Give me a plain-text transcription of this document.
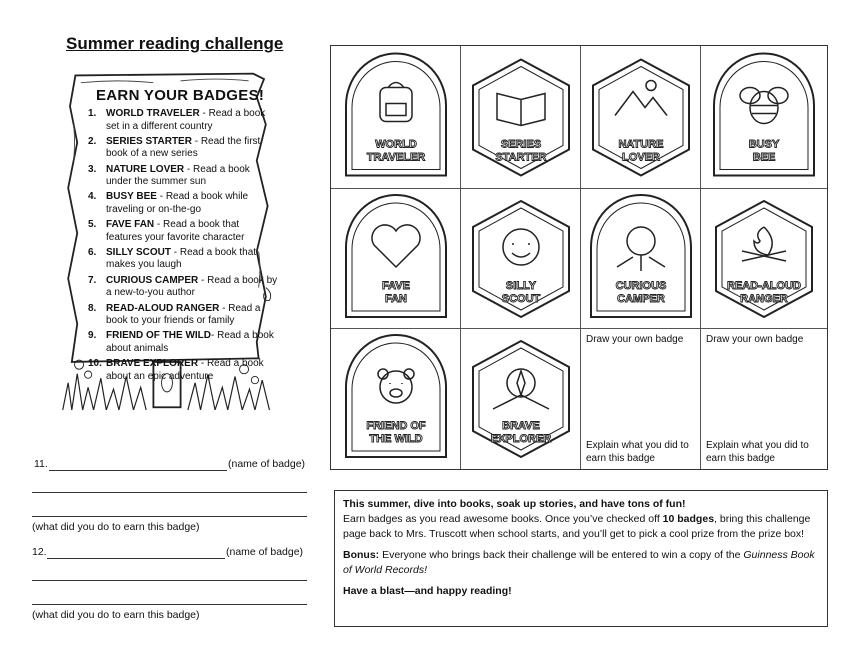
Summer reading challenge
EARN YOUR BADGES!
1. WORLD TRAVELER - Read a book set in a different country
2. SERIES STARTER - Read the first book of a new series
3. NATURE LOVER - Read a book under the summer sun
4. BUSY BEE - Read a book while traveling or on-the-go
5. FAVE FAN - Read a book that features your favorite character
6. SILLY SCOUT - Read a book that makes you laugh
7. CURIOUS CAMPER - Read a book by a new-to-you author
8. READ-ALOUD RANGER - Read a book to your friends or family
9. FRIEND OF THE WILD- Read a book about animals
10. BRAVE EXPLORER - Read a book about an epic adventure
11.	(name of badge)
(what did you do to earn this badge)
12.	(name of badge)
(what did you do to earn this badge)
WORLD
TRAVELER
SERIES
STARTER
NATURE
LOVER
BUSY
BEE
FAVE
FAN
SILLY
SCOUT
CURIOUS
CAMPER
READ-ALOUD
RANGER
FRIEND OF
THE WILD
BRAVE
EXPLORER
Draw your own badge
Explain what you did to earn this badge
Draw your own badge
Explain what you did to earn this badge

This summer, dive into books, soak up stories, and have tons of fun!
Earn badges as you read awesome books. Once you’ve checked off 10 badges, bring this challenge page back to Mrs. Truscott when school starts, and you’ll get to pick a cool prize from the prize box!

Bonus: Everyone who brings back their challenge will be entered to win a copy of the Guinness Book of World Records!

Have a blast—and happy reading!
